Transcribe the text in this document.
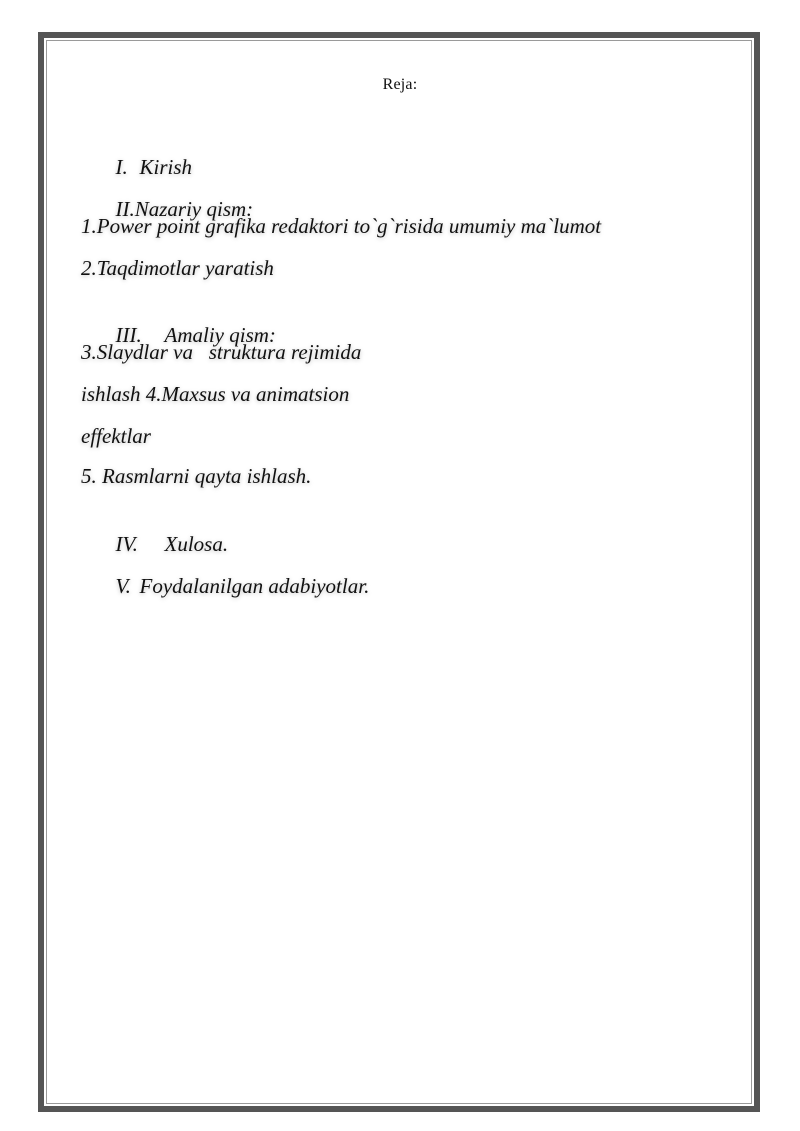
Reja:

I. Kirish

II.Nazariy qism:

1.Power point grafika redaktori to`g`risida umumiy ma`lumot
2.Taqdimotlar yaratish

III. Amaliy qism:

3.Slaydlar va   struktura rejimida
ishlash 4.Maxsus va animatsion
effektlar
5. Rasmlarni qayta ishlash.

IV. Xulosa.

V. Foydalanilgan adabiyotlar.
